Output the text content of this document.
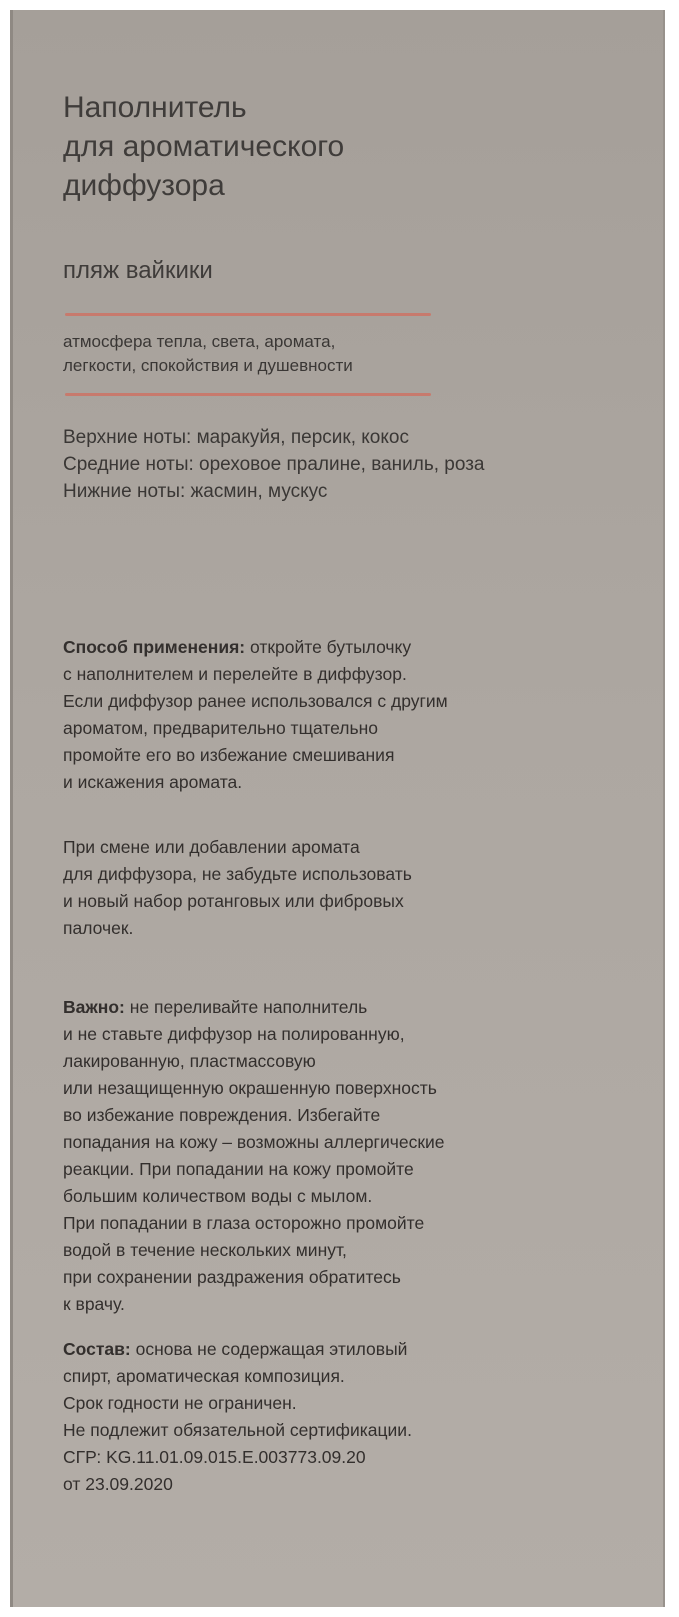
Наполнитель
для ароматического
диффузора

пляж вайкики

атмосфера тепла, света, аромата,
легкости, спокойствия и душевности
Верхние ноты: маракуйя, персик, кокос
Средние ноты: ореховое пралине, ваниль, роза
Нижние ноты: жасмин, мускус
Способ применения: откройте бутылочку
с наполнителем и перелейте в диффузор.
Если диффузор ранее использовался с другим
ароматом, предварительно тщательно
промойте его во избежание смешивания
и искажения аромата.
При смене или добавлении аромата
для диффузора, не забудьте использовать
и новый набор ротанговых или фибровых
палочек.
Важно: не переливайте наполнитель
и не ставьте диффузор на полированную,
лакированную, пластмассовую
или незащищенную окрашенную поверхность
во избежание повреждения. Избегайте
попадания на кожу – возможны аллергические
реакции. При попадании на кожу промойте
большим количеством воды с мылом.
При попадании в глаза осторожно промойте
водой в течение нескольких минут,
при сохранении раздражения обратитесь
к врачу.
Состав: основа не содержащая этиловый
спирт, ароматическая композиция.
Срок годности не ограничен.
Не подлежит обязательной сертификации.
СГР: KG.11.01.09.015.E.003773.09.20
от 23.09.2020
